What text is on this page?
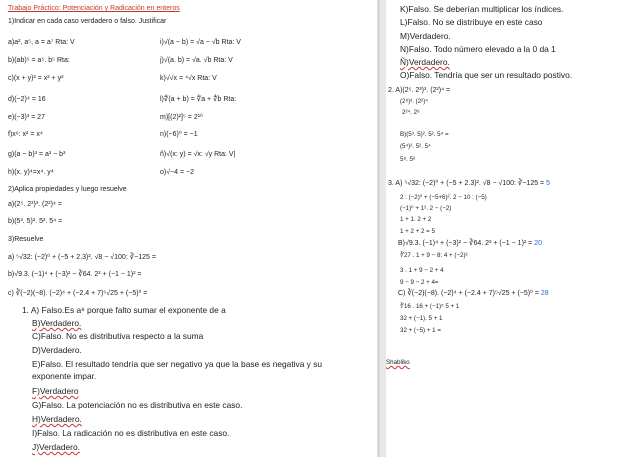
Trabajo Práctico: Potenciación y Radicación en enteros
1)Indicar en cada caso verdadero o falso. Justificar
a)a², a⁵, a = a⁷ Rta: V
b)(ab)⁵ = a⁵. b⁵ Rta:
c)(x + y)² = x² + y²
d)(−2)⁴ = 16
e)(−3)³ = 27
f)x⁶: x² = x⁴
g)(a − b)³ = a³ − b³
h)(x. y)⁴=x⁴. y⁴
i)√(a − b) = √a − √b Rta: V
j)√(a. b) = √a. √b Rta: V
k)√√x = ⁴√x Rta: V
l)∜(a + b) = ∜a + ∜b Rta:
m)[(2)²]⁵ = 2¹⁰
n)(−6)⁰ = −1
ñ)√(x: y) = √x: √y Rta: V|
o)√−4 = −2
2)Aplica propiedades y luego resuelve
a)(2⁵. 2³)³. (2²)⁴ =
b)(5³. 5)². 5². 5⁴ =
3)Resuelve
a) ⁵√32: (−2)⁰ + (−5 + 2.3)². √8 − √100: ∛−125 =
b)√9.3. (−1)⁴ + (−3)² − ∛64. 2² + (−1 − 1)² =
c) ∛(−2)(−8). (−2)⁴ + (−2.4 + 7)⁵√25 + (−5)⁰ =
1. A) Falso.Es a⁸ porque falto sumar el exponente de a
B)Verdadero.
C)Falso. No es distributiva respecto a la suma
D)Verdadero.
E)Falso. El resultado tendría que ser negativo ya que la base es negativa y su
exponente impar.
F)Verdadero
G)Falso. La potenciación no es distributiva en este caso.
H)Verdadero.
I)Falso. La radicación no es distributiva en este caso.
J)Verdadero.
K)Falso. Se deberían multiplicar los índices.
L)Falso. No se distribuye en este caso
M)Verdadero.
N)Falso. Todo número elevado a la 0 da 1
Ñ)Verdadero.
O)Falso. Tendría que ser un resultado postivo.
2. A)(2⁵. 2³)³. (2²)⁴ =
(2⁸)³. (2²)⁴
2²⁴. 2⁸
B)(5³. 5)². 5². 5⁴ =
(5⁴)². 5². 5⁴
5⁸. 5⁶
3. A) ⁵√32: (−2)⁰ + (−5 + 2.3)². √8 − √100: ∛−125 = 5
2 : (−2)⁰ + (−5+6)². 2 − 10 : (−5)
(−1)⁰ + 1². 2 − (−2)
1 + 1. 2 + 2
1 + 2 + 2 = 5
B)√9.3. (−1)⁴ + (−3)² − ∛64. 2² + (−1 − 1)² = 20
∛27 . 1 + 9 − 8: 4 + (−2)²
3 . 1 + 9 − 2 + 4
9 − 9 − 2 + 4=
C) ∛(−2)(−8). (−2)⁴ + (−2.4 + 7)⁵√25 + (−5)⁰ = 28
∛16 . 16 + (−1)⁵ 5 + 1
32 + (−1). 5 + 1
32 + (−5) + 1 =
Shabliko
